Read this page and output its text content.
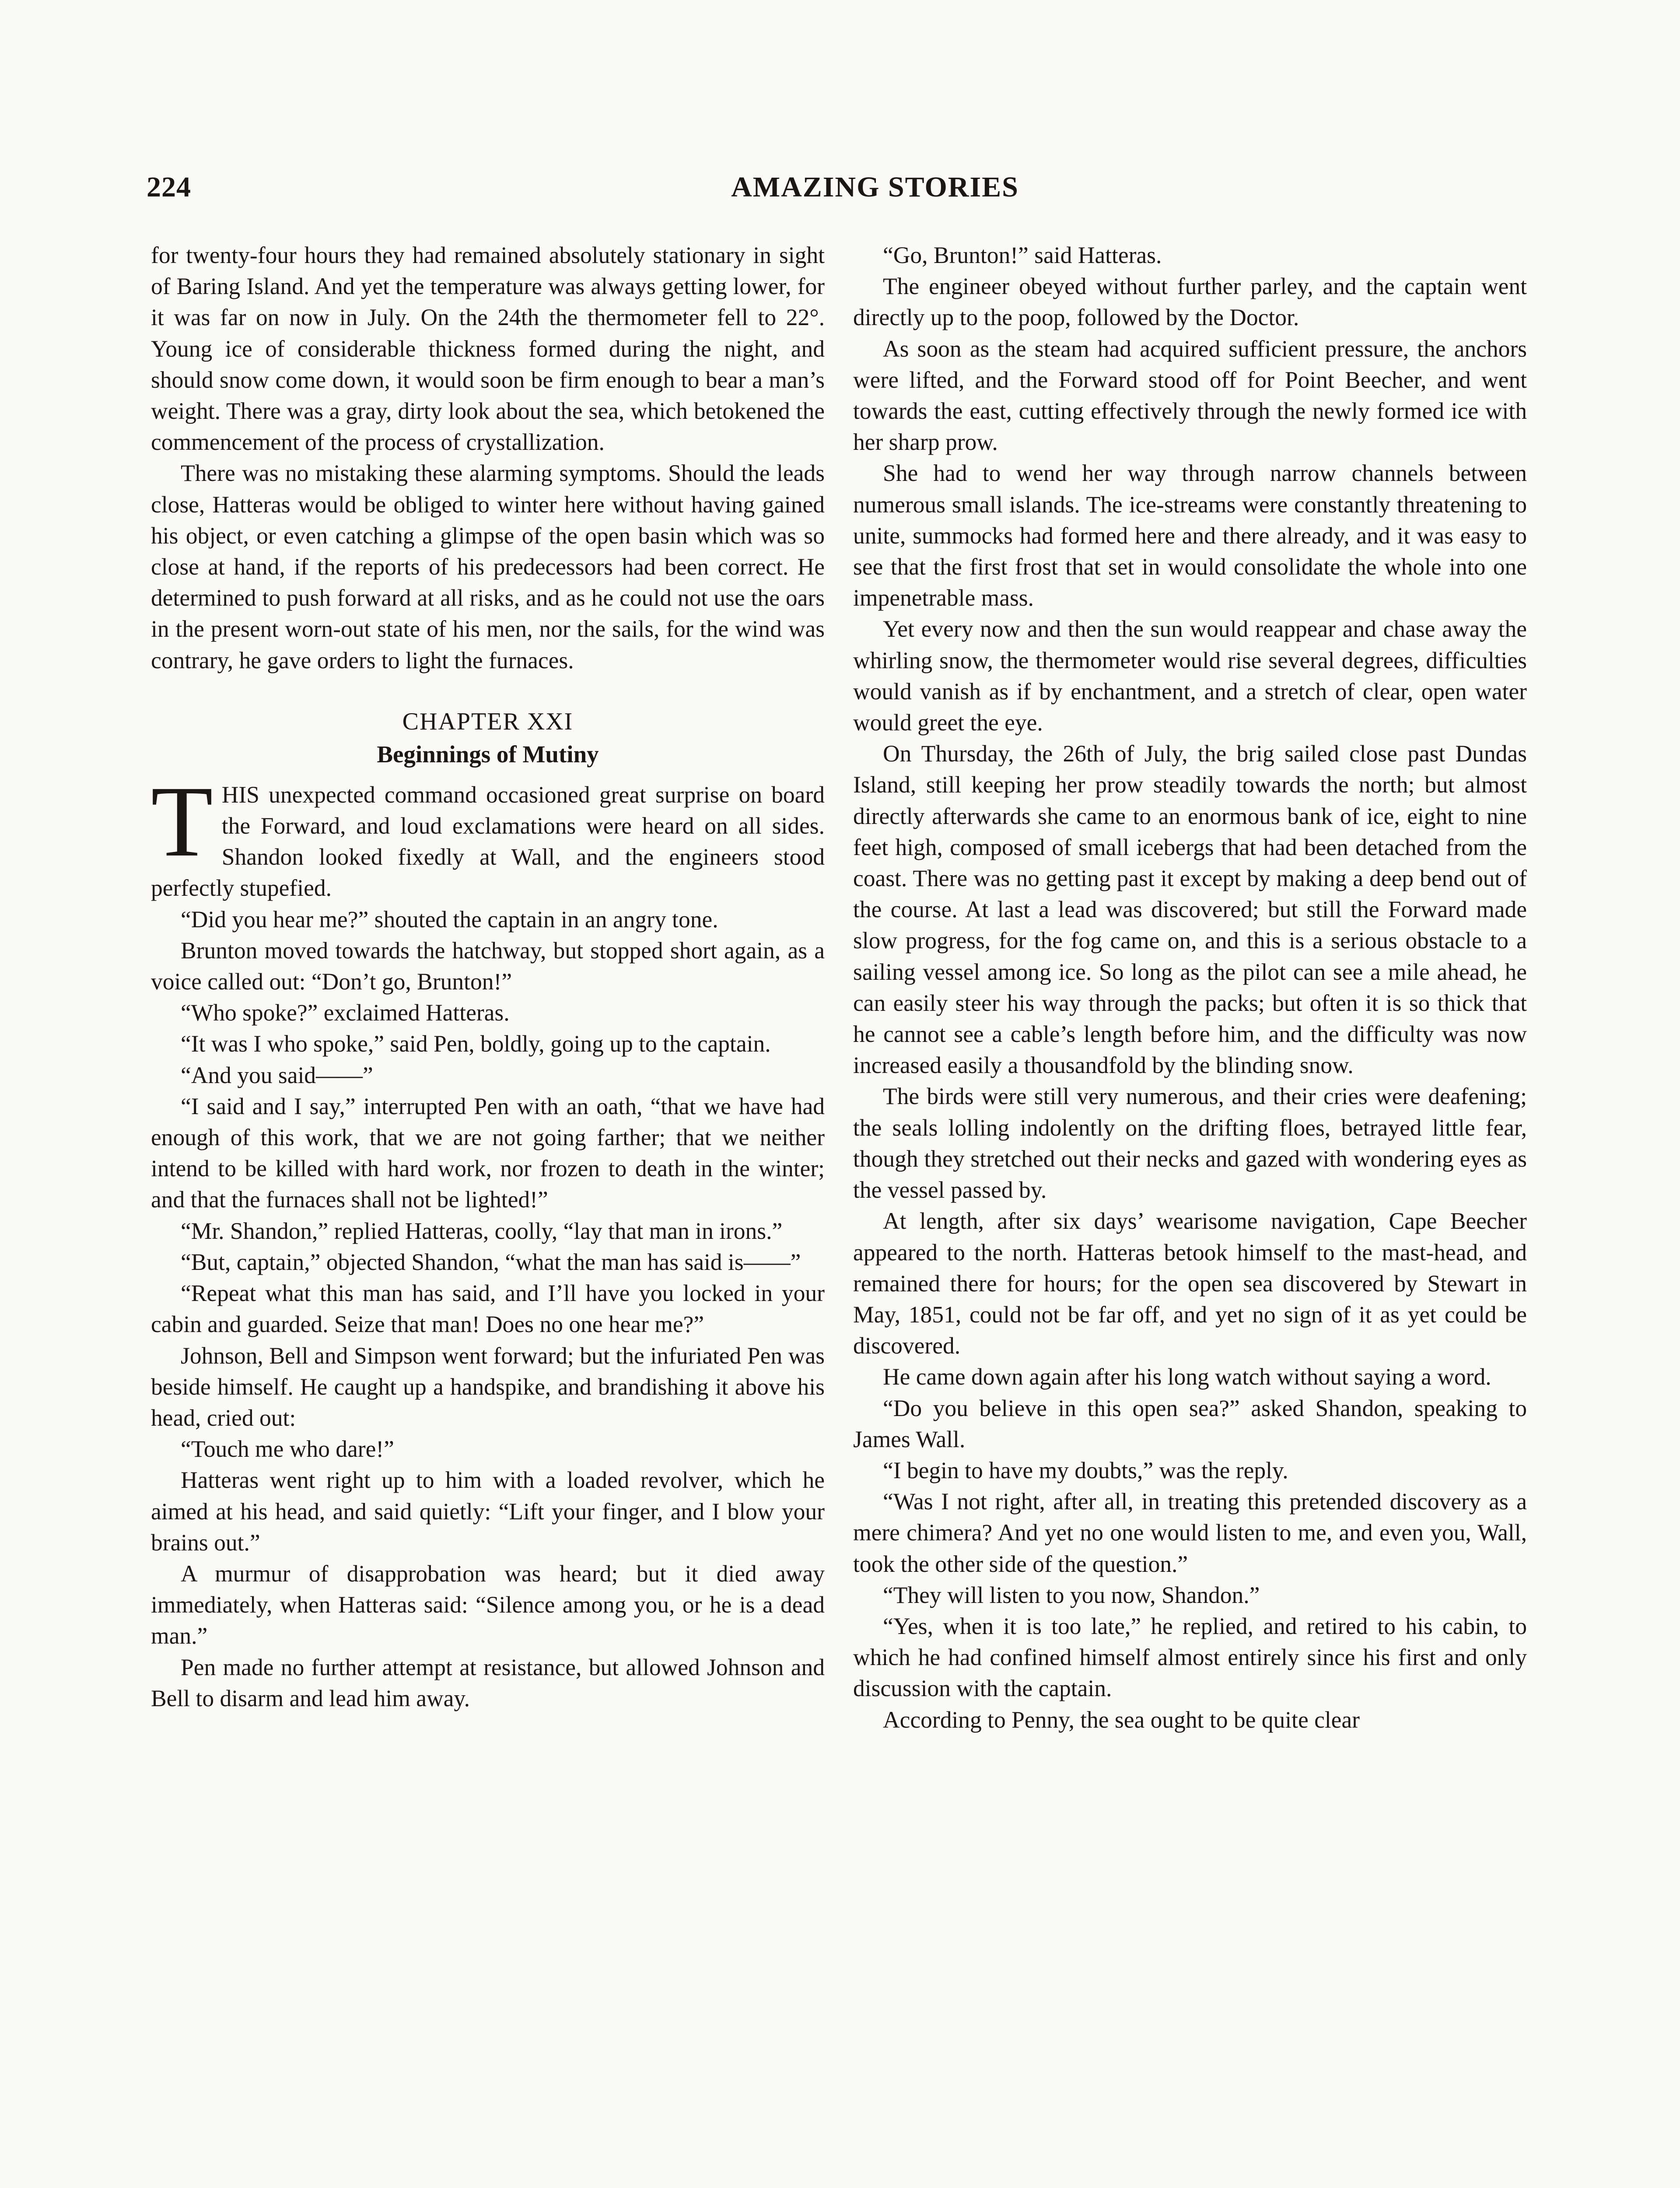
224	AMAZING STORIES

for twenty-four hours they had remained absolutely stationary in sight of Baring Island. And yet the temperature was always getting lower, for it was far on now in July. On the 24th the thermometer fell to 22°. Young ice of considerable thickness formed during the night, and should snow come down, it would soon be firm enough to bear a man’s weight. There was a gray, dirty look about the sea, which betokened the commencement of the process of crystallization.

There was no mistaking these alarming symptoms. Should the leads close, Hatteras would be obliged to winter here without having gained his object, or even catching a glimpse of the open basin which was so close at hand, if the reports of his predecessors had been correct. He determined to push forward at all risks, and as he could not use the oars in the present worn-out state of his men, nor the sails, for the wind was contrary, he gave orders to light the furnaces.

CHAPTER XXI
Beginnings of Mutiny

THIS unexpected command occasioned great surprise on board the Forward, and loud exclamations were heard on all sides. Shandon looked fixedly at Wall, and the engineers stood perfectly stupefied.

“Did you hear me?” shouted the captain in an angry tone.

Brunton moved towards the hatchway, but stopped short again, as a voice called out: “Don’t go, Brunton!”

“Who spoke?” exclaimed Hatteras.

“It was I who spoke,” said Pen, boldly, going up to the captain.

“And you said——”

“I said and I say,” interrupted Pen with an oath, “that we have had enough of this work, that we are not going farther; that we neither intend to be killed with hard work, nor frozen to death in the winter; and that the furnaces shall not be lighted!”

“Mr. Shandon,” replied Hatteras, coolly, “lay that man in irons.”

“But, captain,” objected Shandon, “what the man has said is——”

“Repeat what this man has said, and I’ll have you locked in your cabin and guarded. Seize that man! Does no one hear me?”

Johnson, Bell and Simpson went forward; but the infuriated Pen was beside himself. He caught up a handspike, and brandishing it above his head, cried out:

“Touch me who dare!”

Hatteras went right up to him with a loaded revolver, which he aimed at his head, and said quietly: “Lift your finger, and I blow your brains out.”

A murmur of disapprobation was heard; but it died away immediately, when Hatteras said: “Silence among you, or he is a dead man.”

Pen made no further attempt at resistance, but allowed Johnson and Bell to disarm and lead him away.

“Go, Brunton!” said Hatteras.

The engineer obeyed without further parley, and the captain went directly up to the poop, followed by the Doctor.

As soon as the steam had acquired sufficient pressure, the anchors were lifted, and the Forward stood off for Point Beecher, and went towards the east, cutting effectively through the newly formed ice with her sharp prow.

She had to wend her way through narrow channels between numerous small islands. The ice-streams were constantly threatening to unite, summocks had formed here and there already, and it was easy to see that the first frost that set in would consolidate the whole into one impenetrable mass.

Yet every now and then the sun would reappear and chase away the whirling snow, the thermometer would rise several degrees, difficulties would vanish as if by enchantment, and a stretch of clear, open water would greet the eye.

On Thursday, the 26th of July, the brig sailed close past Dundas Island, still keeping her prow steadily towards the north; but almost directly afterwards she came to an enormous bank of ice, eight to nine feet high, composed of small icebergs that had been detached from the coast. There was no getting past it except by making a deep bend out of the course. At last a lead was discovered; but still the Forward made slow progress, for the fog came on, and this is a serious obstacle to a sailing vessel among ice. So long as the pilot can see a mile ahead, he can easily steer his way through the packs; but often it is so thick that he cannot see a cable’s length before him, and the difficulty was now increased easily a thousandfold by the blinding snow.

The birds were still very numerous, and their cries were deafening; the seals lolling indolently on the drifting floes, betrayed little fear, though they stretched out their necks and gazed with wondering eyes as the vessel passed by.

At length, after six days’ wearisome navigation, Cape Beecher appeared to the north. Hatteras betook himself to the mast-head, and remained there for hours; for the open sea discovered by Stewart in May, 1851, could not be far off, and yet no sign of it as yet could be discovered.

He came down again after his long watch without saying a word.

“Do you believe in this open sea?” asked Shandon, speaking to James Wall.

“I begin to have my doubts,” was the reply.

“Was I not right, after all, in treating this pretended discovery as a mere chimera? And yet no one would listen to me, and even you, Wall, took the other side of the question.”

“They will listen to you now, Shandon.”

“Yes, when it is too late,” he replied, and retired to his cabin, to which he had confined himself almost entirely since his first and only discussion with the captain.

According to Penny, the sea ought to be quite clear
